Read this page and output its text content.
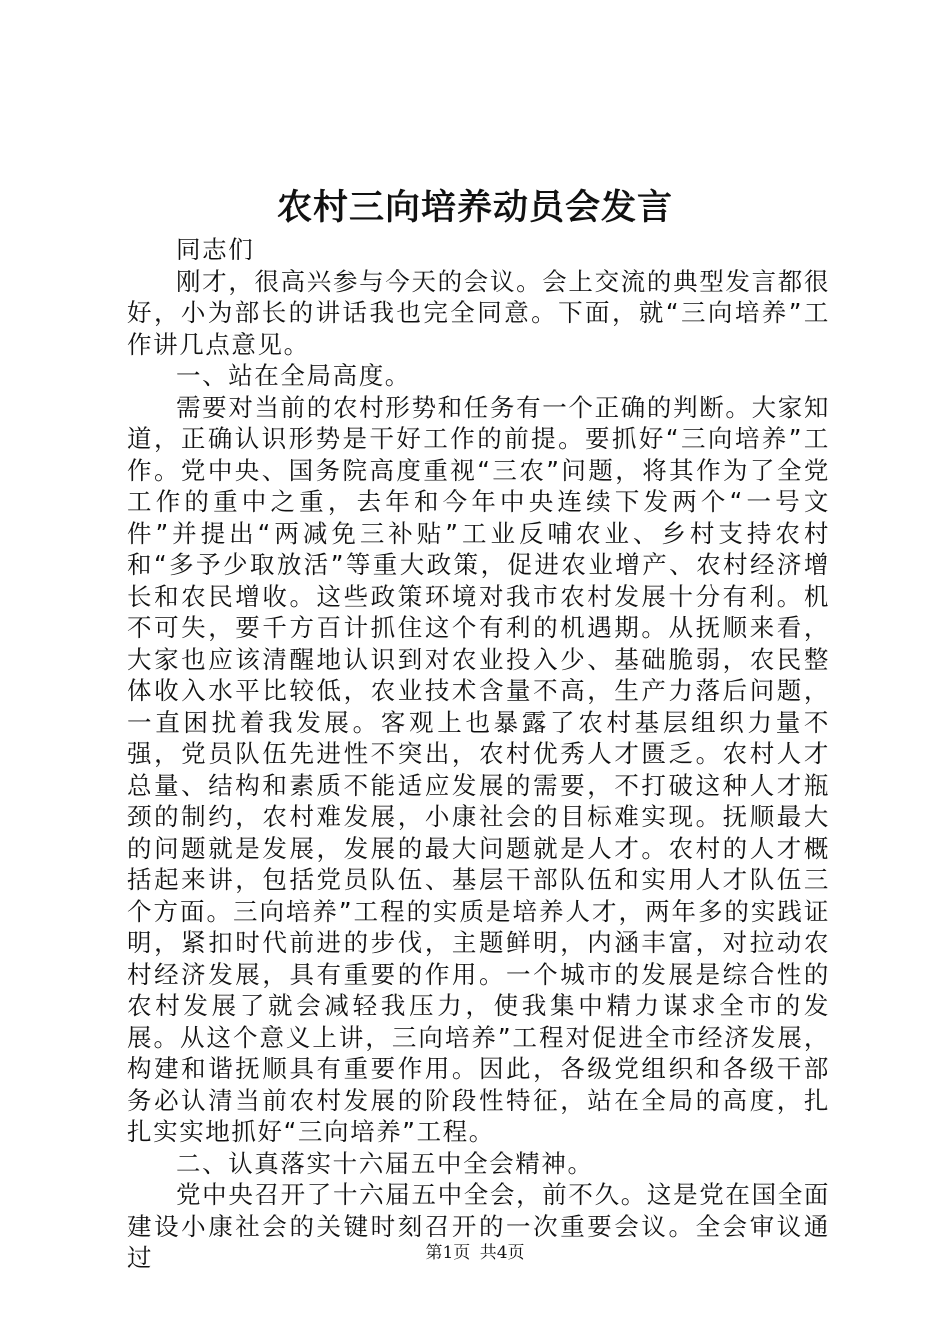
农村三向培养动员会发言

同志们

刚才，很高兴参与今天的会议。会上交流的典型发言都很好，小为部长的讲话我也完全同意。下面，就“三向培养”工作讲几点意见。

一、站在全局高度。

需要对当前的农村形势和任务有一个正确的判断。大家知道，正确认识形势是干好工作的前提。要抓好“三向培养”工作。党中央、国务院高度重视“三农”问题，将其作为了全党工作的重中之重，去年和今年中央连续下发两个“一号文件”并提出“两减免三补贴”工业反哺农业、乡村支持农村和“多予少取放活”等重大政策，促进农业增产、农村经济增长和农民增收。这些政策环境对我市农村发展十分有利。机不可失，要千方百计抓住这个有利的机遇期。从抚顺来看，大家也应该清醒地认识到对农业投入少、基础脆弱，农民整体收入水平比较低，农业技术含量不高，生产力落后问题，一直困扰着我发展。客观上也暴露了农村基层组织力量不强，党员队伍先进性不突出，农村优秀人才匮乏。农村人才总量、结构和素质不能适应发展的需要，不打破这种人才瓶颈的制约，农村难发展，小康社会的目标难实现。抚顺最大的问题就是发展，发展的最大问题就是人才。农村的人才概括起来讲，包括党员队伍、基层干部队伍和实用人才队伍三个方面。三向培养”工程的实质是培养人才，两年多的实践证明，紧扣时代前进的步伐，主题鲜明，内涵丰富，对拉动农村经济发展，具有重要的作用。一个城市的发展是综合性的农村发展了就会减轻我压力，使我集中精力谋求全市的发展。从这个意义上讲，三向培养”工程对促进全市经济发展，构建和谐抚顺具有重要作用。因此，各级党组织和各级干部务必认清当前农村发展的阶段性特征，站在全局的高度，扎扎实实地抓好“三向培养”工程。

二、认真落实十六届五中全会精神。

党中央召开了十六届五中全会，前不久。这是党在国全面建设小康社会的关键时刻召开的一次重要会议。全会审议通过	第1页 共4页
